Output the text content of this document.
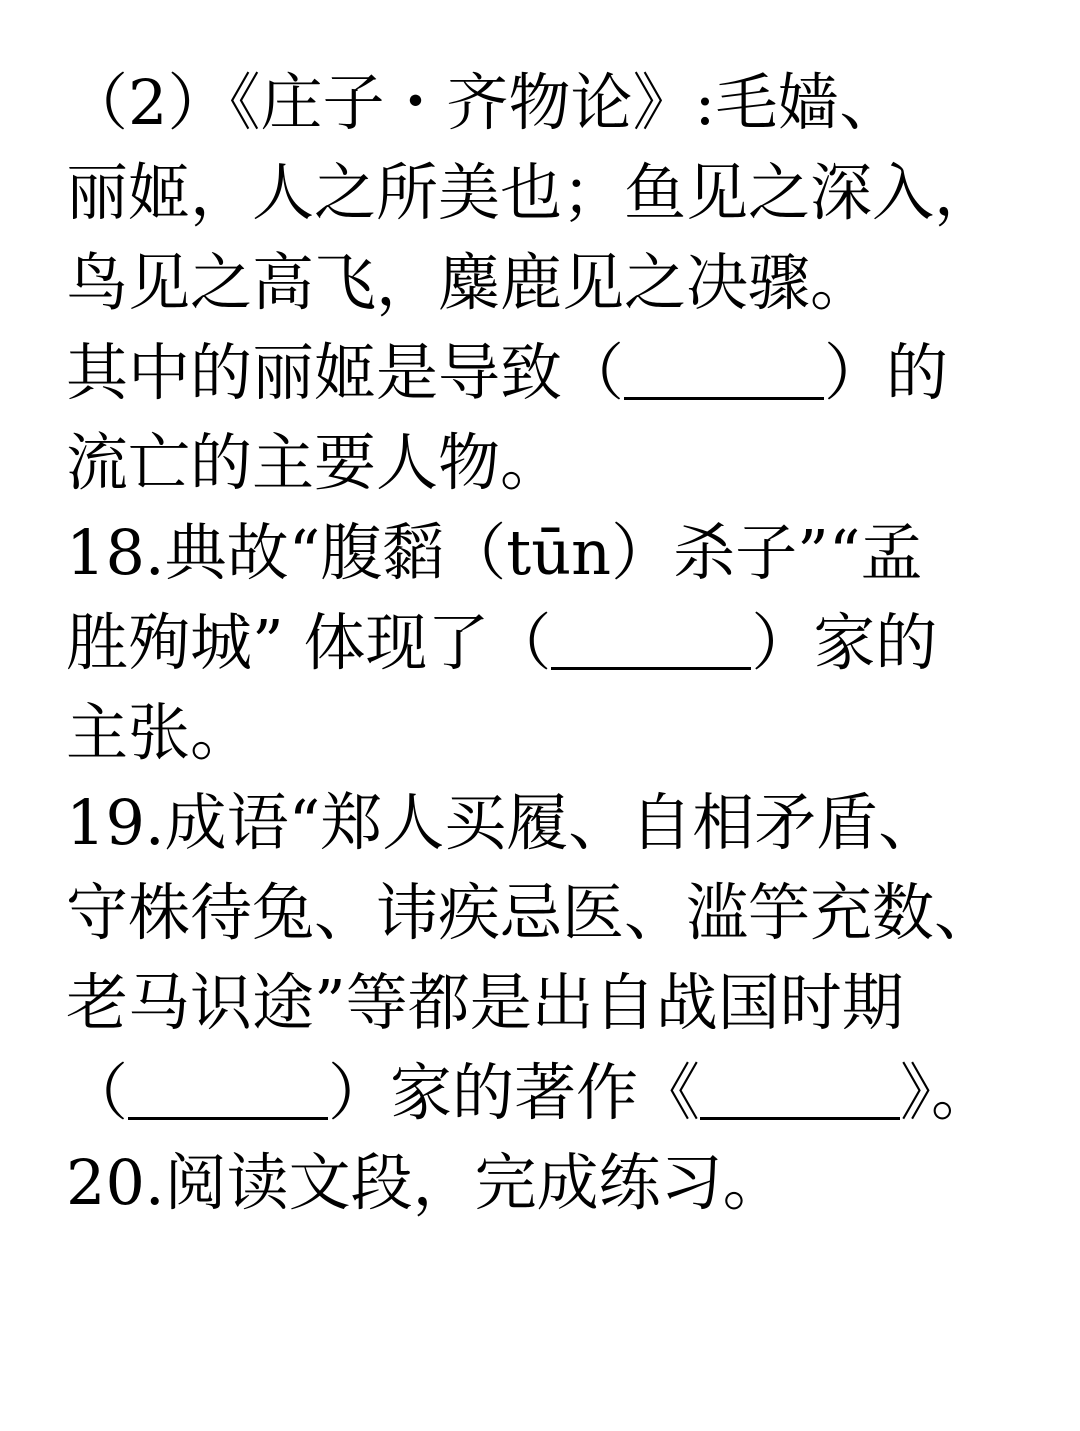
（2）《庄子・齐物论》:毛嫱、
丽姬，人之所美也；鱼见之深入，
鸟见之高飞，麋鹿见之决骤。
其中的丽姬是导致（	）的
流亡的主要人物。
18.典故“腹䵚（tūn）杀子”“孟
胜殉城” 体现了（	）家的
主张。
19.成语“郑人买履、自相矛盾、
守株待兔、讳疾忌医、滥竽充数、
老马识途”等都是出自战国时期
（	）家的著作《	》。
20.阅读文段，完成练习。
